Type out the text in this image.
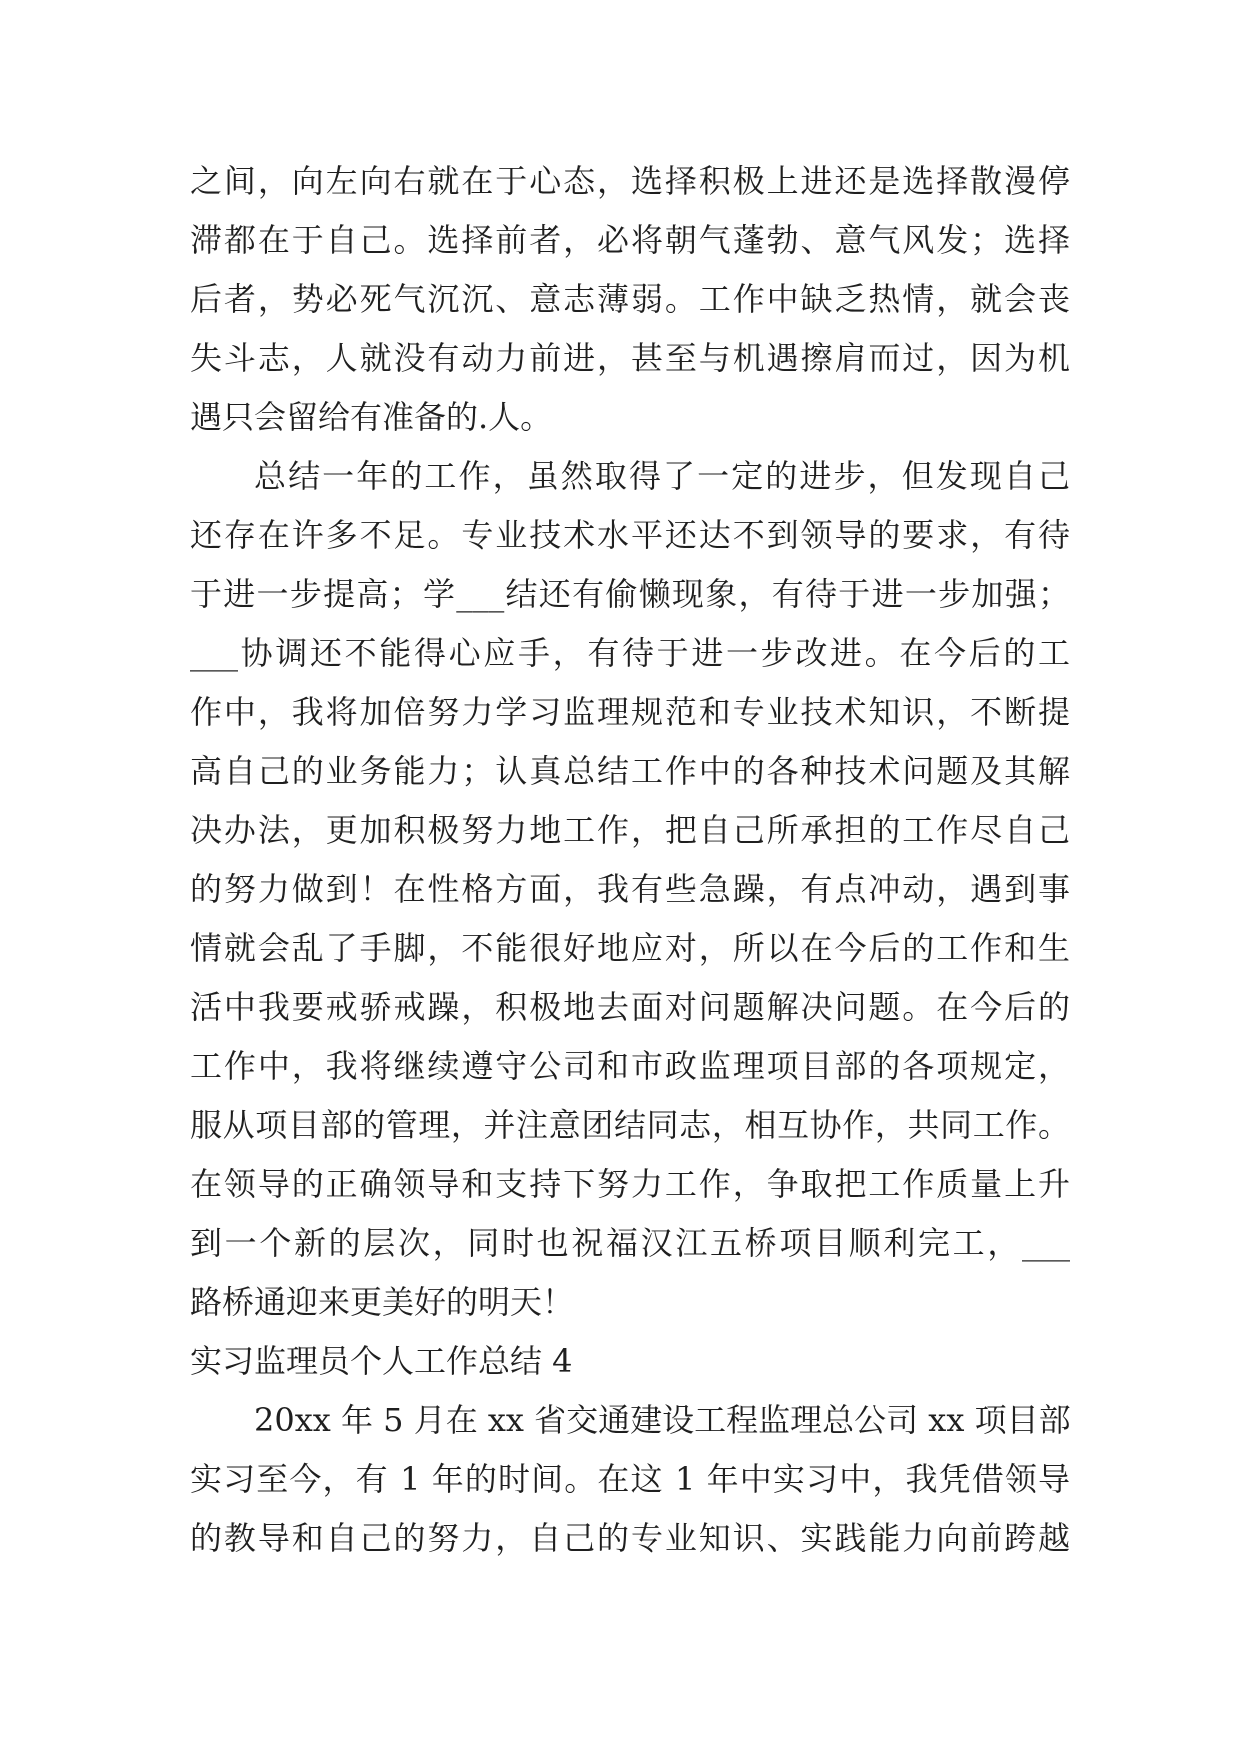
之间，向左向右就在于心态，选择积极上进还是选择散漫停
滞都在于自己。选择前者，必将朝气蓬勃、意气风发；选择
后者，势必死气沉沉、意志薄弱。工作中缺乏热情，就会丧
失斗志，人就没有动力前进，甚至与机遇擦肩而过，因为机
遇只会留给有准备的.人。
总结一年的工作，虽然取得了一定的进步，但发现自己
还存在许多不足。专业技术水平还达不到领导的要求，有待
于进一步提高；学___结还有偷懒现象，有待于进一步加强；
___协调还不能得心应手，有待于进一步改进。在今后的工
作中，我将加倍努力学习监理规范和专业技术知识，不断提
高自己的业务能力；认真总结工作中的各种技术问题及其解
决办法，更加积极努力地工作，把自己所承担的工作尽自己
的努力做到！在性格方面，我有些急躁，有点冲动，遇到事
情就会乱了手脚，不能很好地应对，所以在今后的工作和生
活中我要戒骄戒躁，积极地去面对问题解决问题。在今后的
工作中，我将继续遵守公司和市政监理项目部的各项规定，
服从项目部的管理，并注意团结同志，相互协作，共同工作。
在领导的正确领导和支持下努力工作，争取把工作质量上升
到一个新的层次，同时也祝福汉江五桥项目顺利完工，___
路桥通迎来更美好的明天！
实习监理员个人工作总结 4
20xx 年 5 月在 xx 省交通建设工程监理总公司 xx 项目部
实习至今，有 1 年的时间。在这 1 年中实习中，我凭借领导
的教导和自己的努力，自己的专业知识、实践能力向前跨越
